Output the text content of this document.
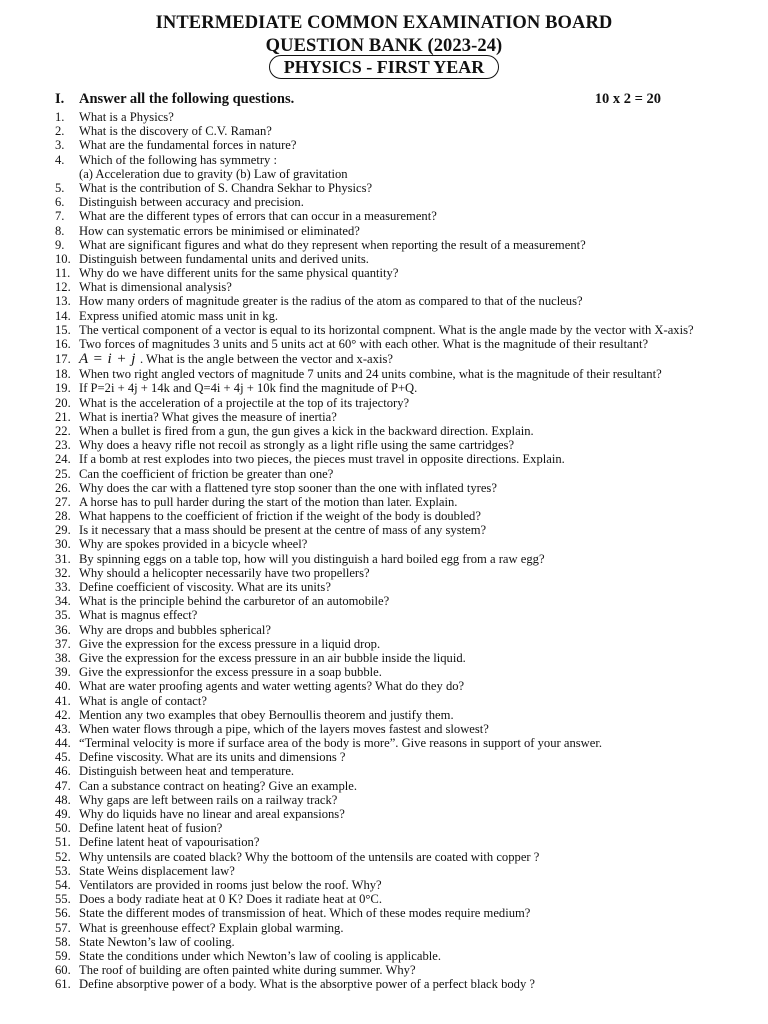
INTERMEDIATE COMMON EXAMINATION BOARD
QUESTION BANK (2023-24)
PHYSICS - FIRST YEAR
I. Answer all the following questions.	10 x 2 = 20
1.	What is a Physics?
2.	What is the discovery of C.V. Raman?
3.	What are the fundamental forces in nature?
4.	Which of the following has symmetry :
(a) Acceleration due to gravity (b) Law of gravitation
5.	What is the contribution of S. Chandra Sekhar to Physics?
6.	Distinguish between accuracy and precision.
7.	What are the different types of errors that can occur in a measurement?
8.	How can systematic errors be minimised or eliminated?
9.	What are significant figures and what do they represent when reporting the result of a measurement?
10. Distinguish between fundamental units and derived units.
11. Why do we have different units for the same physical quantity?
12. What is dimensional analysis?
13. How many orders of magnitude greater is the radius of the atom as compared to that of the nucleus?
14. Express unified atomic mass unit in kg.
15. The vertical component of a vector is equal to its horizontal compnent. What is the angle made by the vector with X-axis?
16. Two forces of magnitudes 3 units and 5 units act at 60° with each other. What is the magnitude of their resultant?
17. A = i + j . What is the angle between the vector and x-axis?
18. When two right angled vectors of magnitude 7 units and 24 units combine, what is the magnitude of their resultant?
19. If P=2i + 4j + 14k and Q=4i + 4j + 10k find the magnitude of P+Q.
20. What is the acceleration of a projectile at the top of its trajectory?
21. What is inertia? What gives the measure of inertia?
22. When a bullet is fired from a gun, the gun gives a kick in the backward direction. Explain.
23. Why does a heavy rifle not recoil as strongly as a light rifle using the same cartridges?
24. If a bomb at rest explodes into two pieces, the pieces must travel in opposite directions. Explain.
25. Can the coefficient of friction be greater than one?
26. Why does the car with a flattened tyre stop sooner than the one with inflated tyres?
27. A horse has to pull harder during the start of the motion than later. Explain.
28. What happens to the coefficient of friction if the weight of the body is doubled?
29. Is it necessary that a mass should be present at the centre of mass of any system?
30. Why are spokes provided in a bicycle wheel?
31. By spinning eggs on a table top, how will you distinguish a hard boiled egg from a raw egg?
32. Why should a helicopter necessarily have two propellers?
33. Define coefficient of viscosity. What are its units?
34. What is the principle behind the carburetor of an automobile?
35. What is magnus effect?
36. Why are drops and bubbles spherical?
37. Give the expression for the excess pressure in a liquid drop.
38. Give the expression for the excess pressure in an air bubble inside the liquid.
39. Give the expressionfor the excess pressure in a soap bubble.
40. What are water proofing agents and water wetting agents? What do they do?
41. What is angle of contact?
42. Mention any two examples that obey Bernoullis theorem and justify them.
43. When water flows through a pipe, which of the layers moves fastest and slowest?
44. “Terminal velocity is more if surface area of the body is more”. Give reasons in support of your answer.
45. Define viscosity. What are its units and dimensions ?
46. Distinguish between heat and temperature.
47. Can a substance contract on heating? Give an example.
48. Why gaps are left between rails on a railway track?
49. Why do liquids have no linear and areal expansions?
50. Define latent heat of fusion?
51. Define latent heat of vapourisation?
52. Why untensils are coated black? Why the bottoom of the untensils are coated with copper ?
53. State Weins displacement law?
54. Ventilators are provided in rooms just below the roof. Why?
55. Does a body radiate heat at 0 K? Does it radiate heat at 0°C.
56. State the different modes of transmission of heat. Which of these modes require medium?
57. What is greenhouse effect? Explain global warming.
58. State Newton’s law of cooling.
59. State the conditions under which Newton’s law of cooling is applicable.
60. The roof of building are often painted white during summer. Why?
61. Define absorptive power of a body. What is the absorptive power of a perfect black body ?
